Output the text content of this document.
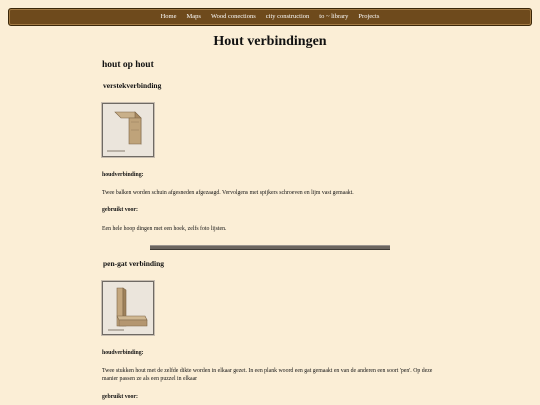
Home Maps Wood conections city construction to ~ library Projects
Hout verbindingen
hout op hout
verstekverbinding

houdverbinding:

Twee balken worden schuin afgesneden afgezaagd. Vervolgens met spijkers schroeven en lijm vast gemaakt.

gebruikt voor:

Een hele hoop dingen met een hoek, zelfs foto lijsten.

pen-gat verbinding

houdverbinding:

Twee stukken hout met de zelfde dikte worden in elkaar gezet. In een plank woord een gat gemaakt en van de anderen een soort 'pen'. Op deze manier passen ze als een puzzel in elkaar

gebruikt voor:
